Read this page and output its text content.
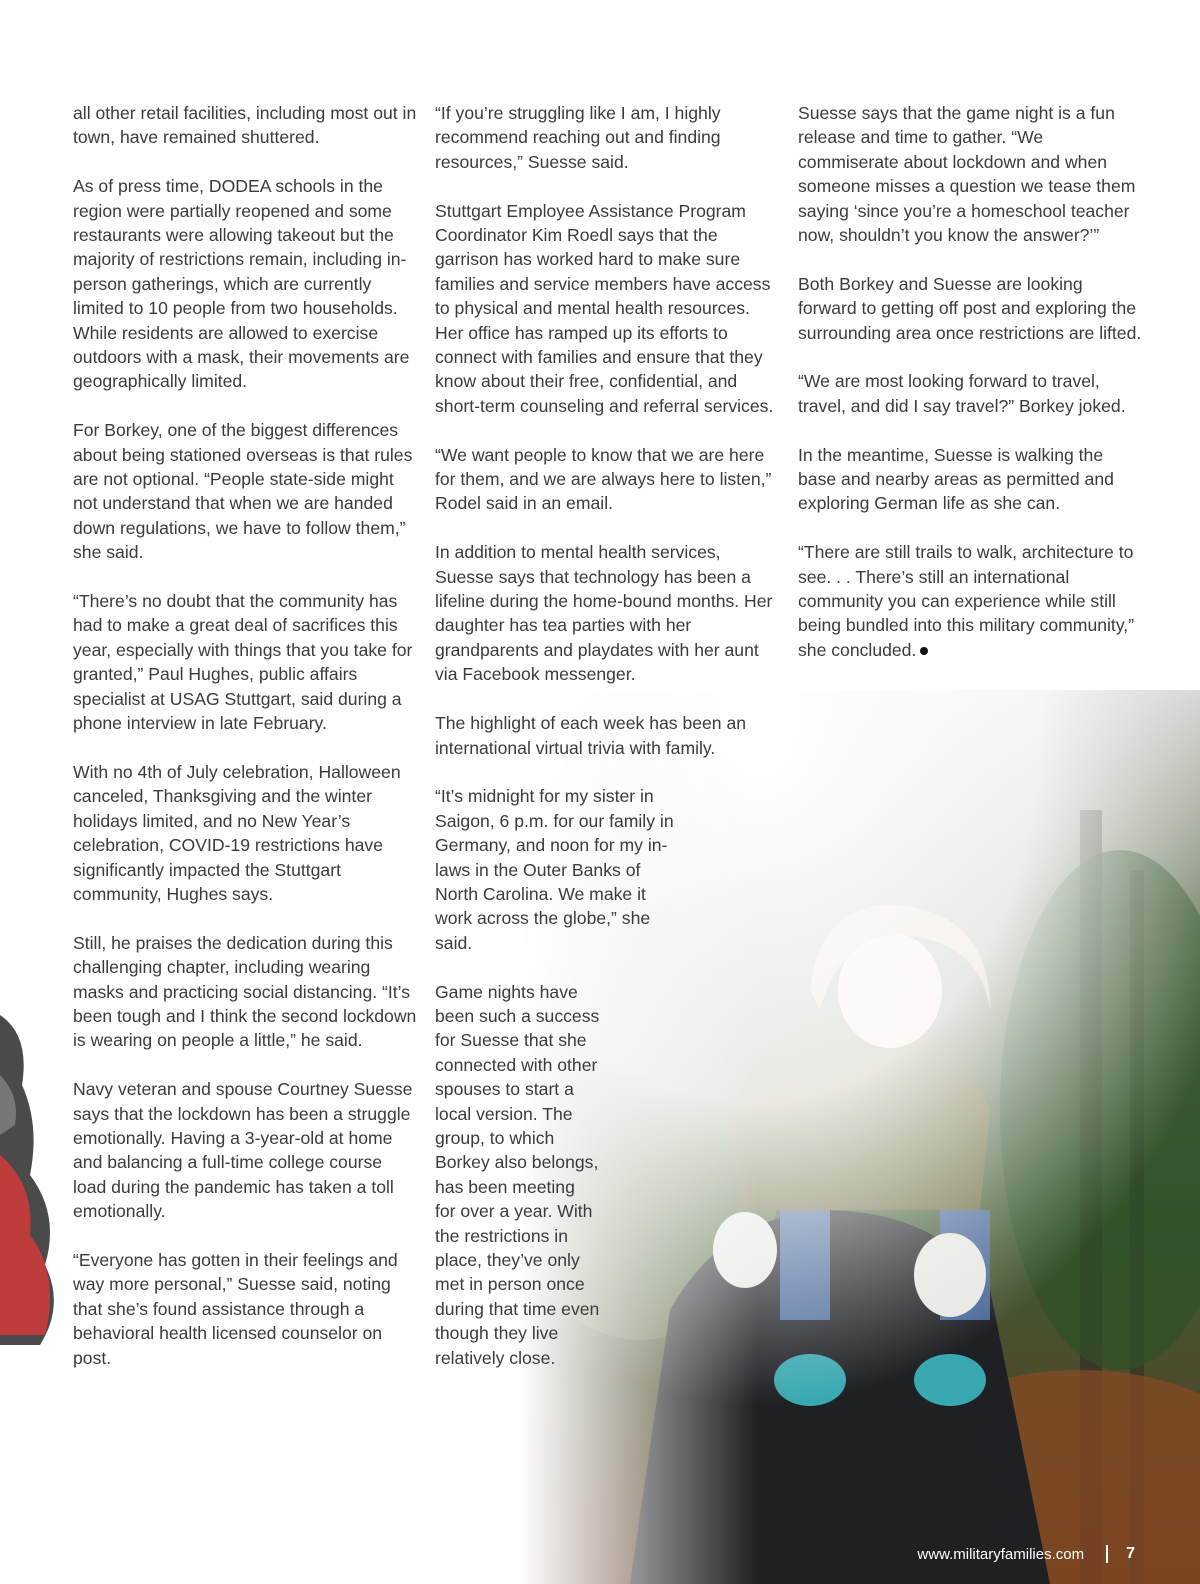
all other retail facilities, including most out in town, have remained shuttered.

As of press time, DODEA schools in the region were partially reopened and some restaurants were allowing takeout but the majority of restrictions remain, including in-person gatherings, which are currently limited to 10 people from two households. While residents are allowed to exercise outdoors with a mask, their movements are geographically limited.

For Borkey, one of the biggest differences about being stationed overseas is that rules are not optional. “People state-side might not understand that when we are handed down regulations, we have to follow them,” she said.

“There’s no doubt that the community has had to make a great deal of sacrifices this year, especially with things that you take for granted,” Paul Hughes, public affairs specialist at USAG Stuttgart, said during a phone interview in late February.

With no 4th of July celebration, Halloween canceled, Thanksgiving and the winter holidays limited, and no New Year’s celebration, COVID-19 restrictions have significantly impacted the Stuttgart community, Hughes says.

Still, he praises the dedication during this challenging chapter, including wearing masks and practicing social distancing. “It’s been tough and I think the second lockdown is wearing on people a little,” he said.

Navy veteran and spouse Courtney Suesse says that the lockdown has been a struggle emotionally. Having a 3-year-old at home and balancing a full-time college course load during the pandemic has taken a toll emotionally.

“Everyone has gotten in their feelings and way more personal,” Suesse said, noting that she’s found assistance through a behavioral health licensed counselor on post.

“If you’re struggling like I am, I highly recommend reaching out and finding resources,” Suesse said.

Stuttgart Employee Assistance Program Coordinator Kim Roedl says that the garrison has worked hard to make sure families and service members have access to physical and mental health resources. Her office has ramped up its efforts to connect with families and ensure that they know about their free, confidential, and short-term counseling and referral services.

“We want people to know that we are here for them, and we are always here to listen,” Rodel said in an email.

In addition to mental health services, Suesse says that technology has been a lifeline during the home-bound months. Her daughter has tea parties with her grandparents and playdates with her aunt via Facebook messenger.

The highlight of each week has been an international virtual trivia with family.

“It’s midnight for my sister in Saigon, 6 p.m. for our family in Germany, and noon for my in-laws in the Outer Banks of North Carolina. We make it work across the globe,” she said.

Game nights have been such a success for Suesse that she connected with other spouses to start a local version. The group, to which Borkey also belongs, has been meeting for over a year. With the restrictions in place, they’ve only met in person once during that time even though they live relatively close.

Suesse says that the game night is a fun release and time to gather. “We commiserate about lockdown and when someone misses a question we tease them saying ‘since you’re a homeschool teacher now, shouldn’t you know the answer?’”

Both Borkey and Suesse are looking forward to getting off post and exploring the surrounding area once restrictions are lifted.

“We are most looking forward to travel, travel, and did I say travel?” Borkey joked.

In the meantime, Suesse is walking the base and nearby areas as permitted and exploring German life as she can.

“There are still trails to walk, architecture to see. . . There’s still an international community you can experience while still being bundled into this military community,” she concluded.

www.militaryfamilies.com	7
